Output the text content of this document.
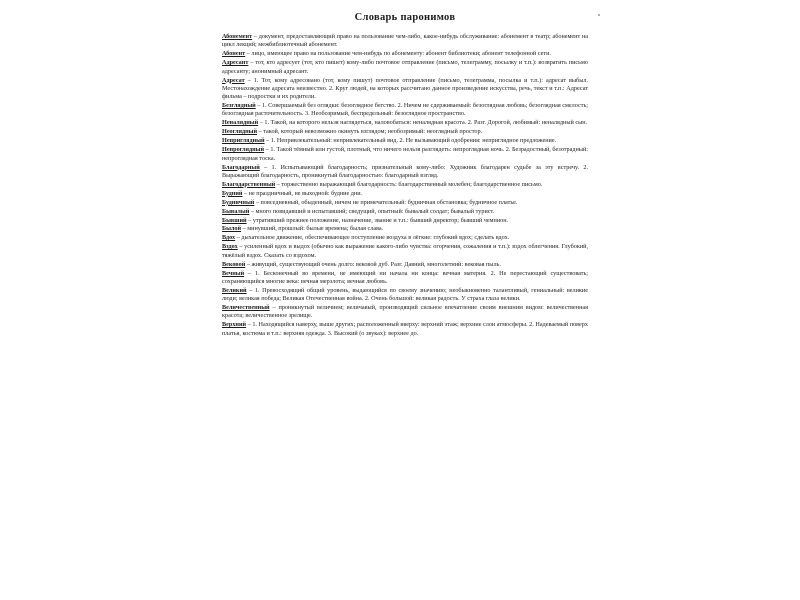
Словарь паронимов
Абонемент – документ, предоставляющий право на пользование чем-либо, какое-нибудь обслуживание: абонемент в театр; абонемент на цикл лекций; межбиблиотечный абонемент.
Абонент – лицо, имеющее право на пользование чем-нибудь по абонементу: абонент библиотеки; абонент телефонной сети.
Адресант – тот, кто адресует (тот, кто пишет) кому-либо почтовое отправление (письмо, телеграмму, посылку и т.п.): возвратить письмо адресанту; анонимный адресант.
Адресат – 1. Тот, кому адресовано (тот, кому пишут) почтовое отправление (письмо, телеграмма, посылка и т.п.): адресат выбыл. Местонахождение адресата неизвестно. 2. Круг людей, на которых рассчитано данное произведение искусства, речь, текст и т.п.: Адресат фильма – подростки и их родители.
Безглядный – 1. Совершаемый без оглядки: безоглядное бегство. 2. Ничем не сдерживаемый: безоглядная любовь; безоглядная смелость; безоглядная расточительность. 3. Необозримый, беспредельный: безоглядное пространство.
Неналядный – 1. Такой, на которого нельзя наглядеться, наловобаться: неналядная красота. 2. Разг. Дорогой, любимый: неналядный сын.
Неоглядный – такой, который невозможно окинуть взглядом; необозримый: неоглядный простор.
Неприглядный – 1. Непривлекательный: непривлекательный вид. 2. Не вызывающий одобрения: неприглядное предложение.
Непроглядный – 1. Такой тёмный или густой, плотный, что ничего нельзя разглядеть: непроглядная ночь. 2. Безрадостный, безотрадный: непроглядная тоска.
Благодарный – 1. Испытывающий благодарность; признательный кому-либо: Художник благодарен судьбе за эту встречу. 2. Выражающий благодарность, проникнутый благодарностью: благодарный взгляд.
Благодарственный – торжественно выражающий благодарность: благодарственный молебен; благодарственное письмо.
Будний – не праздничный, не выходной: будние дни.
Будничный – повседневный, обыденный, ничем не примечательный: будничная обстановка; будничное платье.
Бывалый – много повидавший и испытавший; сведущий, опытный: бывалый солдат; бывалый турист.
Бывший – утративший прежнее положение, назначение, звание и т.п.: бывший директор; бывший чемпион.
Былой – минувший, прошлый: былые времена; былая слава.
Вдох – дыхательное движение, обеспечивающее поступление воздуха в лёгкие: глубокий вдох; сделать вдох.
Вздох – усиленный вдох и выдох (обычно как выражение какого-либо чувства: огорчения, сожаления и т.п.): вздох облегчения. Глубокий, тяжёлый вздох. Сказать со вздохом.
Вековой – живущий, существующий очень долго: вековой дуб. Разг. Давний, многолетний: вековая пыль.
Вечный – 1. Бесконечный во времени, не имеющий ни начала ни конца: вечная материя. 2. Не перестающий существовать; сохраняющийся многие века: вечная мерзлота; вечная любовь.
Великий – 1. Превосходящий общий уровень, выдающийся по своему значению; необыкновенно талантливый, гениальный: великие люди; великая победа; Великая Отечественная война. 2. Очень большой: великая радость. У страха глаза велики.
Величественный – проникнутый величием; величавый, производящий сильное впечатление своим внешним видом: величественная красота; величественное зрелище.
Верхний – 1. Находящийся наверху, выше других; расположенный вверху: верхний этаж; верхние слои атмосферы. 2. Надеваемый поверх платья, костюма и т.п.: верхняя одежда. 3. Высокий (о звуках): верхнее до.
